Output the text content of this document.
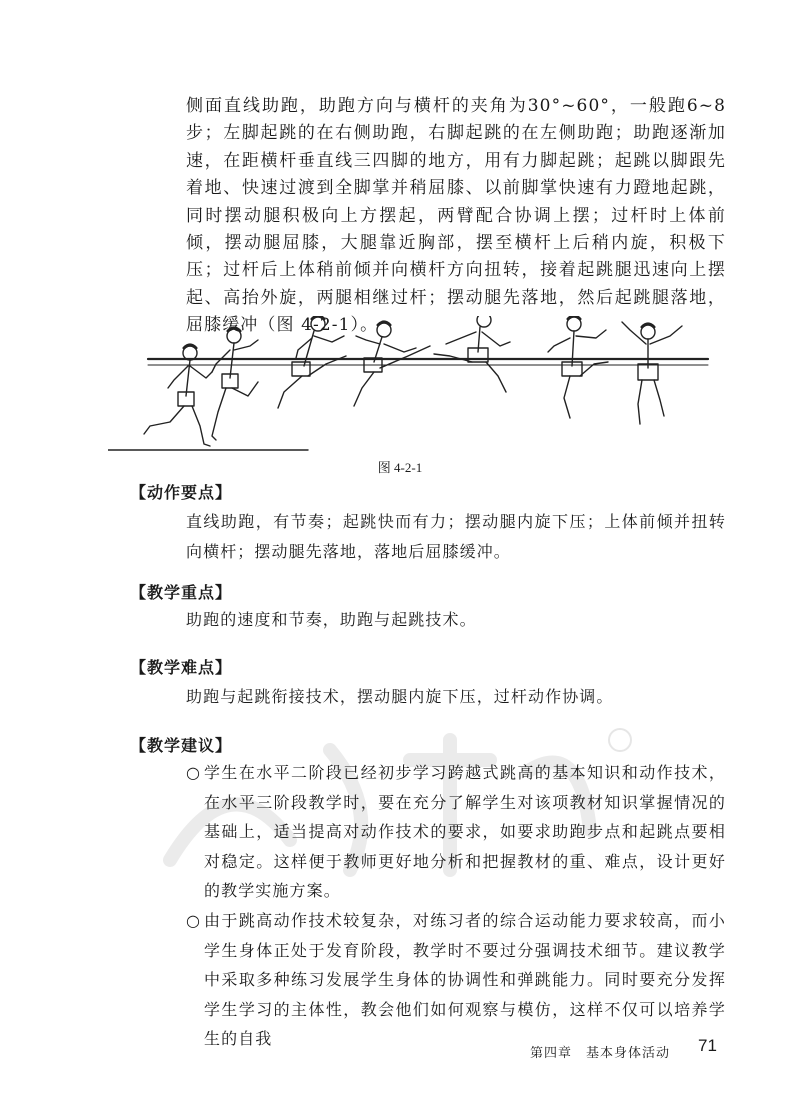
侧面直线助跑，助跑方向与横杆的夹角为30°~60°，一般跑6~8步；左脚起跳的在右侧助跑，右脚起跳的在左侧助跑；助跑逐渐加速，在距横杆垂直线三四脚的地方，用有力脚起跳；起跳以脚跟先着地、快速过渡到全脚掌并稍屈膝、以前脚掌快速有力蹬地起跳，同时摆动腿积极向上方摆起，两臂配合协调上摆；过杆时上体前倾，摆动腿屈膝，大腿靠近胸部，摆至横杆上后稍内旋，积极下压；过杆后上体稍前倾并向横杆方向扭转，接着起跳腿迅速向上摆起、高抬外旋，两腿相继过杆；摆动腿先落地，然后起跳腿落地，屈膝缓冲（图 4-2-1）。

图 4-2-1
【动作要点】

直线助跑，有节奏；起跳快而有力；摆动腿内旋下压；上体前倾并扭转向横杆；摆动腿先落地，落地后屈膝缓冲。

【教学重点】

助跑的速度和节奏，助跑与起跳技术。

【教学难点】

助跑与起跳衔接技术，摆动腿内旋下压，过杆动作协调。

【教学建议】
○ 学生在水平二阶段已经初步学习跨越式跳高的基本知识和动作技术，在水平三阶段教学时，要在充分了解学生对该项教材知识掌握情况的基础上，适当提高对动作技术的要求，如要求助跑步点和起跳点要相对稳定。这样便于教师更好地分析和把握教材的重、难点，设计更好的教学实施方案。
○ 由于跳高动作技术较复杂，对练习者的综合运动能力要求较高，而小学生身体正处于发育阶段，教学时不要过分强调技术细节。建议教学中采取多种练习发展学生身体的协调性和弹跳能力。同时要充分发挥学生学习的主体性，教会他们如何观察与模仿，这样不仅可以培养学生的自我
第四章　基本身体活动 71
